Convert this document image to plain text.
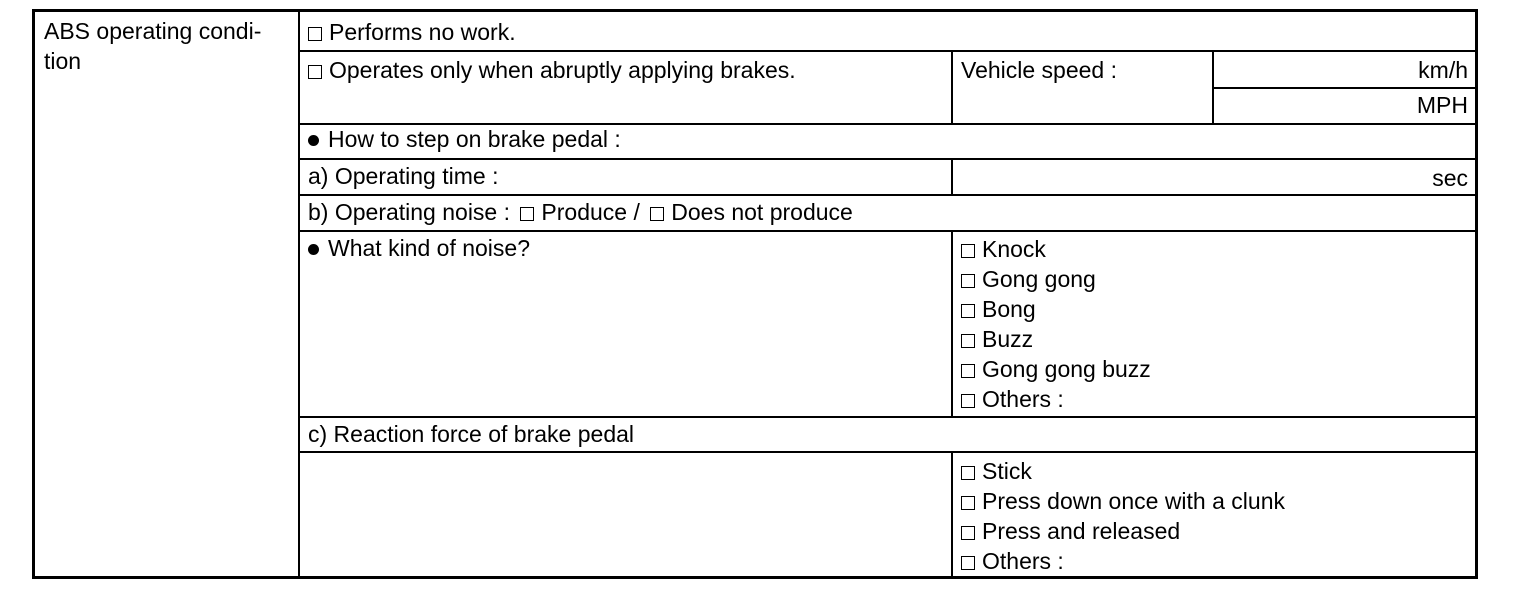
ABS operating condi-
tion
Performs no work.
Operates only when abruptly applying brakes.	Vehicle speed :	km/h
MPH
How to step on brake pedal :
a) Operating time :	sec
b) Operating noise : Produce / Does not produce
What kind of noise?	Knock
Gong gong
Bong
Buzz
Gong gong buzz
Others :
c) Reaction force of brake pedal
Stick
Press down once with a clunk
Press and released
Others :
